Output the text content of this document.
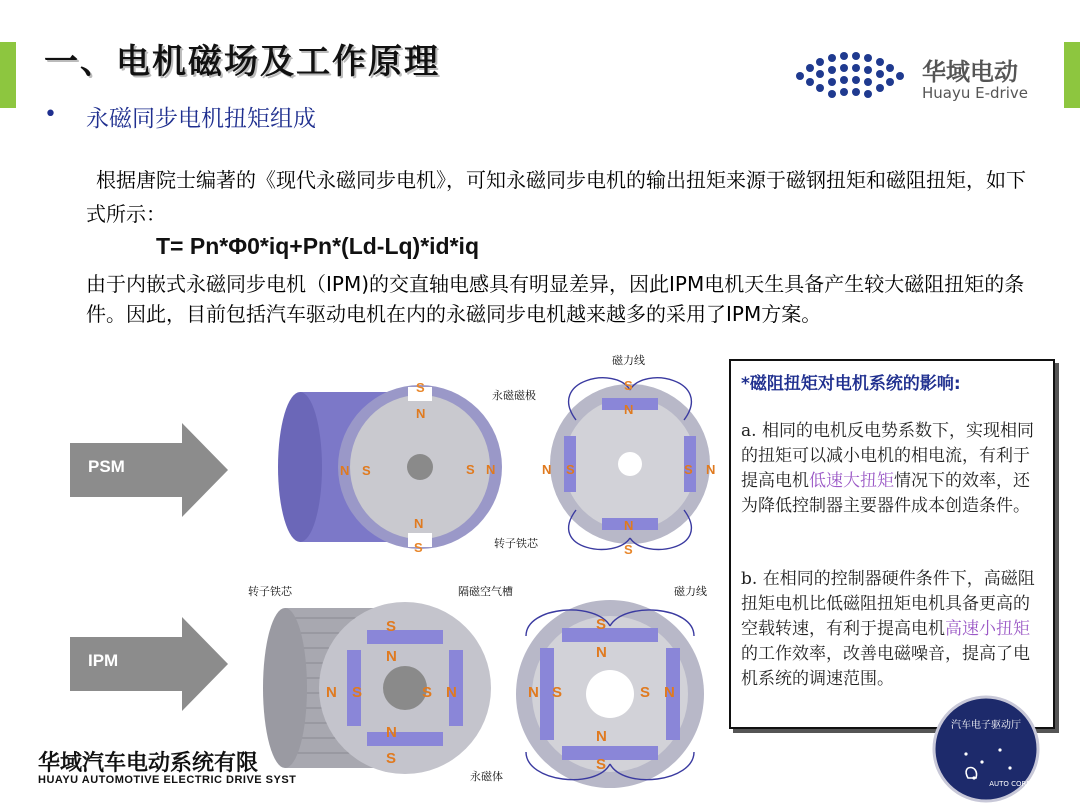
一、电机磁场及工作原理	华域电动
Huayu E-drive
• 永磁同步电机扭矩组成
根据唐院士编著的《现代永磁同步电机》，可知永磁同步电机的输出扭矩来源于磁钢扭矩和磁阻扭矩，如下式所示：
T= Pn*Φ0*iq+Pn*(Ld-Lq)*id*iq
由于内嵌式永磁同步电机（IPM)的交直轴电感具有明显差异，因此IPM电机天生具备产生较大磁阻扭矩的条件。因此，目前包括汽车驱动电机在内的永磁同步电机越来越多的采用了IPM方案。
PSM
IPM
S
N
N S	S N
N
S
永磁磁极
转子铁芯
磁力线
S
N
N S	S N
N
S
S
N
N S	S N
N
S
转子铁芯	隔磁空气槽
永磁体
磁力线
S
N
N S	S N
N
S
*磁阻扭矩对电机系统的影响:
a. 相同的电机反电势系数下，实现相同的扭矩可以减小电机的相电流，有利于提高电机低速大扭矩情况下的效率，还为降低控制器主要器件成本创造条件。
b. 在相同的控制器硬件条件下，高磁阻扭矩电机比低磁阻扭矩电机具备更高的空载转速，有利于提高电机高速小扭矩的工作效率，改善电磁噪音，提高了电机系统的调速范围。
华域汽车电动系统有限
HUAYU AUTOMOTIVE ELECTRIC DRIVE SYST
汽车电子驱动厅
AUTO CORE
